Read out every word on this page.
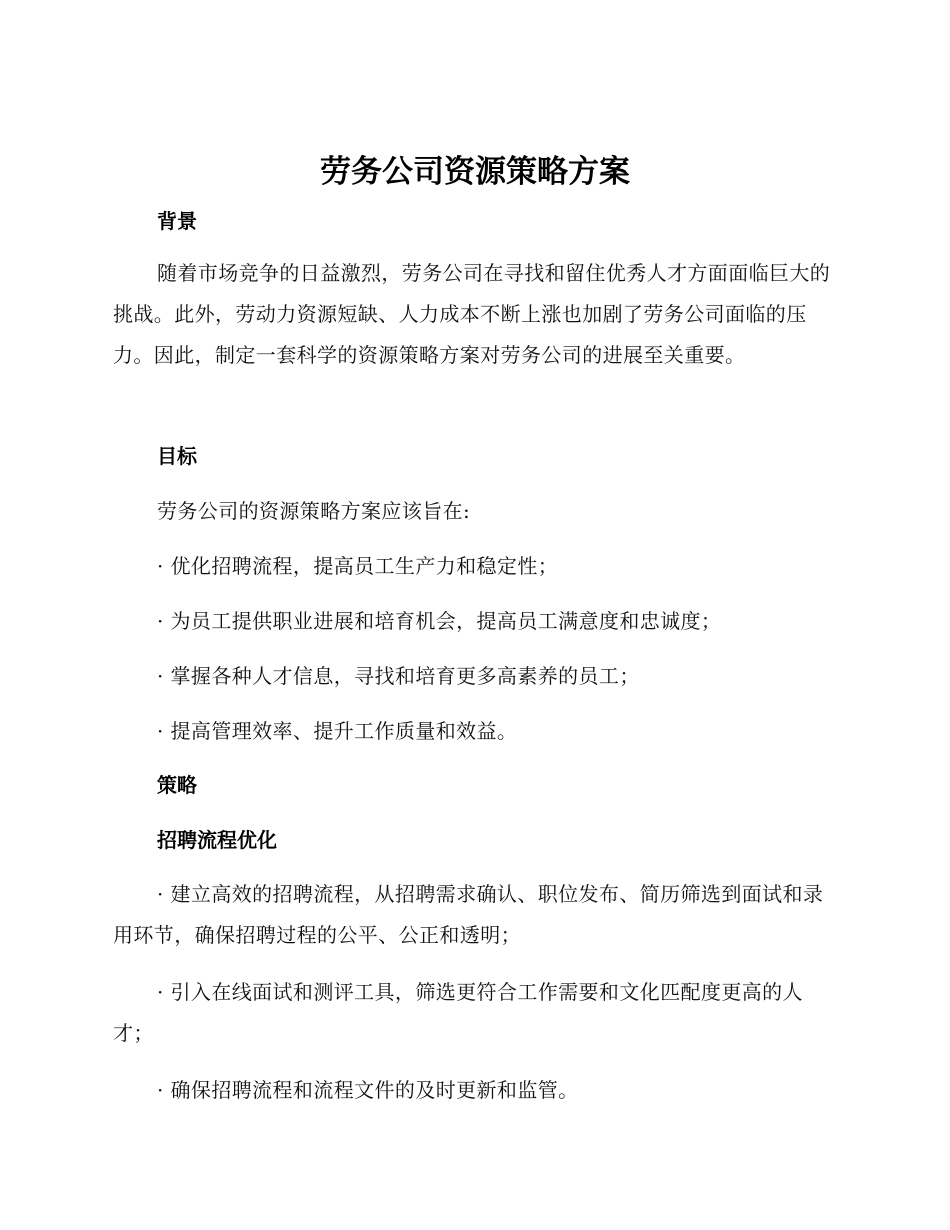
劳务公司资源策略方案
背景
随着市场竞争的日益激烈，劳务公司在寻找和留住优秀人才方面面临巨大的挑战。此外，劳动力资源短缺、人力成本不断上涨也加剧了劳务公司面临的压力。因此，制定一套科学的资源策略方案对劳务公司的进展至关重要。
目标
劳务公司的资源策略方案应该旨在:
· 优化招聘流程，提高员工生产力和稳定性；
· 为员工提供职业进展和培育机会，提高员工满意度和忠诚度；
· 掌握各种人才信息，寻找和培育更多高素养的员工；
· 提高管理效率、提升工作质量和效益。
策略
招聘流程优化
· 建立高效的招聘流程，从招聘需求确认、职位发布、简历筛选到面试和录用环节，确保招聘过程的公平、公正和透明；
· 引入在线面试和测评工具，筛选更符合工作需要和文化匹配度更高的人才；
· 确保招聘流程和流程文件的及时更新和监管。
